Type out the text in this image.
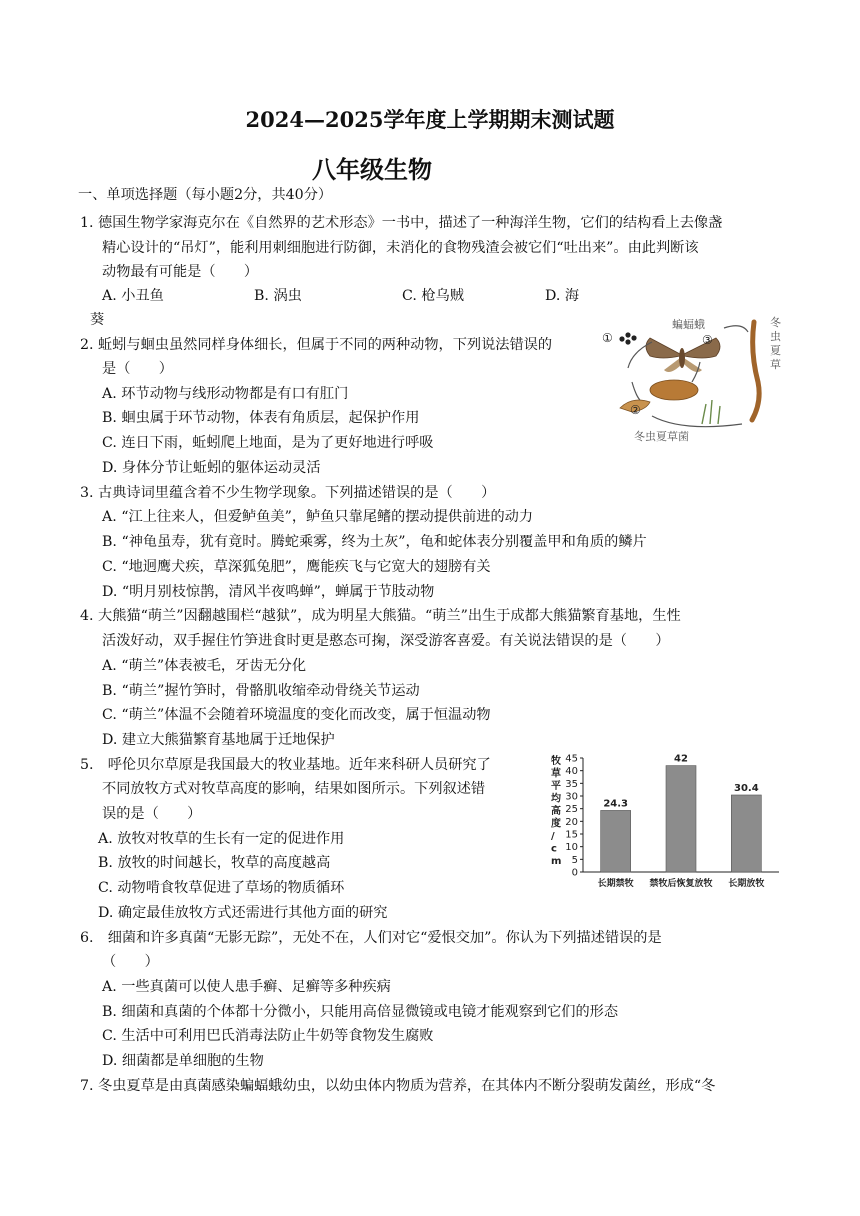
2024—2025学年度上学期期末测试题
八年级生物
一、单项选择题（每小题2分，共40分）
1. 德国生物学家海克尔在《自然界的艺术形态》一书中，描述了一种海洋生物，它们的结构看上去像盏
精心设计的“吊灯”，能利用刺细胞进行防御，未消化的食物残渣会被它们“吐出来”。由此判断该
动物最有可能是（　　）
A. 小丑鱼	B. 涡虫	C. 枪乌贼	D. 海
葵
2. 蚯蚓与蛔虫虽然同样身体细长，但属于不同的两种动物，下列说法错误的
是（　　）
A. 环节动物与线形动物都是有口有肛门
B. 蛔虫属于环节动物，体表有角质层，起保护作用
C. 连日下雨，蚯蚓爬上地面，是为了更好地进行呼吸
D. 身体分节让蚯蚓的躯体运动灵活
蝙蝠蛾
①	③
②
冬
虫
夏
草
冬虫夏草菌
3. 古典诗词里蕴含着不少生物学现象。下列描述错误的是（　　）
A. “江上往来人，但爱鲈鱼美”，鲈鱼只靠尾鳍的摆动提供前进的动力
B. “神龟虽寿，犹有竟时。腾蛇乘雾，终为土灰”，龟和蛇体表分别覆盖甲和角质的鳞片
C. “地迥鹰犬疾，草深狐兔肥”，鹰能疾飞与它宽大的翅膀有关
D. “明月别枝惊鹊，清风半夜鸣蝉”，蝉属于节肢动物
4. 大熊猫“萌兰”因翻越围栏“越狱”，成为明星大熊猫。“萌兰”出生于成都大熊猫繁育基地，生性
活泼好动，双手握住竹笋进食时更是憨态可掬，深受游客喜爱。有关说法错误的是（　　）
A. “萌兰”体表被毛，牙齿无分化
B. “萌兰”握竹笋时，骨骼肌收缩牵动骨绕关节运动
C. “萌兰”体温不会随着环境温度的变化而改变，属于恒温动物
D. 建立大熊猫繁育基地属于迁地保护
5.　呼伦贝尔草原是我国最大的牧业基地。近年来科研人员研究了
不同放牧方式对牧草高度的影响，结果如图所示。下列叙述错
误的是（　　）
A. 放牧对牧草的生长有一定的促进作用
B. 放牧的时间越长，牧草的高度越高
C. 动物啃食牧草促进了草场的物质循环
D. 确定最佳放牧方式还需进行其他方面的研究
牧
草
平
均
高
度
/
c
m
0
5
10
15
20
25
30
35
40
45
24.3
长期禁牧
42
禁牧后恢复放牧
30.4
长期放牧
6.　细菌和许多真菌“无影无踪”，无处不在，人们对它“爱恨交加”。你认为下列描述错误的是
（　　）
A. 一些真菌可以使人患手癣、足癣等多种疾病
B. 细菌和真菌的个体都十分微小，只能用高倍显微镜或电镜才能观察到它们的形态
C. 生活中可利用巴氏消毒法防止牛奶等食物发生腐败
D. 细菌都是单细胞的生物
7. 冬虫夏草是由真菌感染蝙蝠蛾幼虫，以幼虫体内物质为营养，在其体内不断分裂萌发菌丝，形成“冬
